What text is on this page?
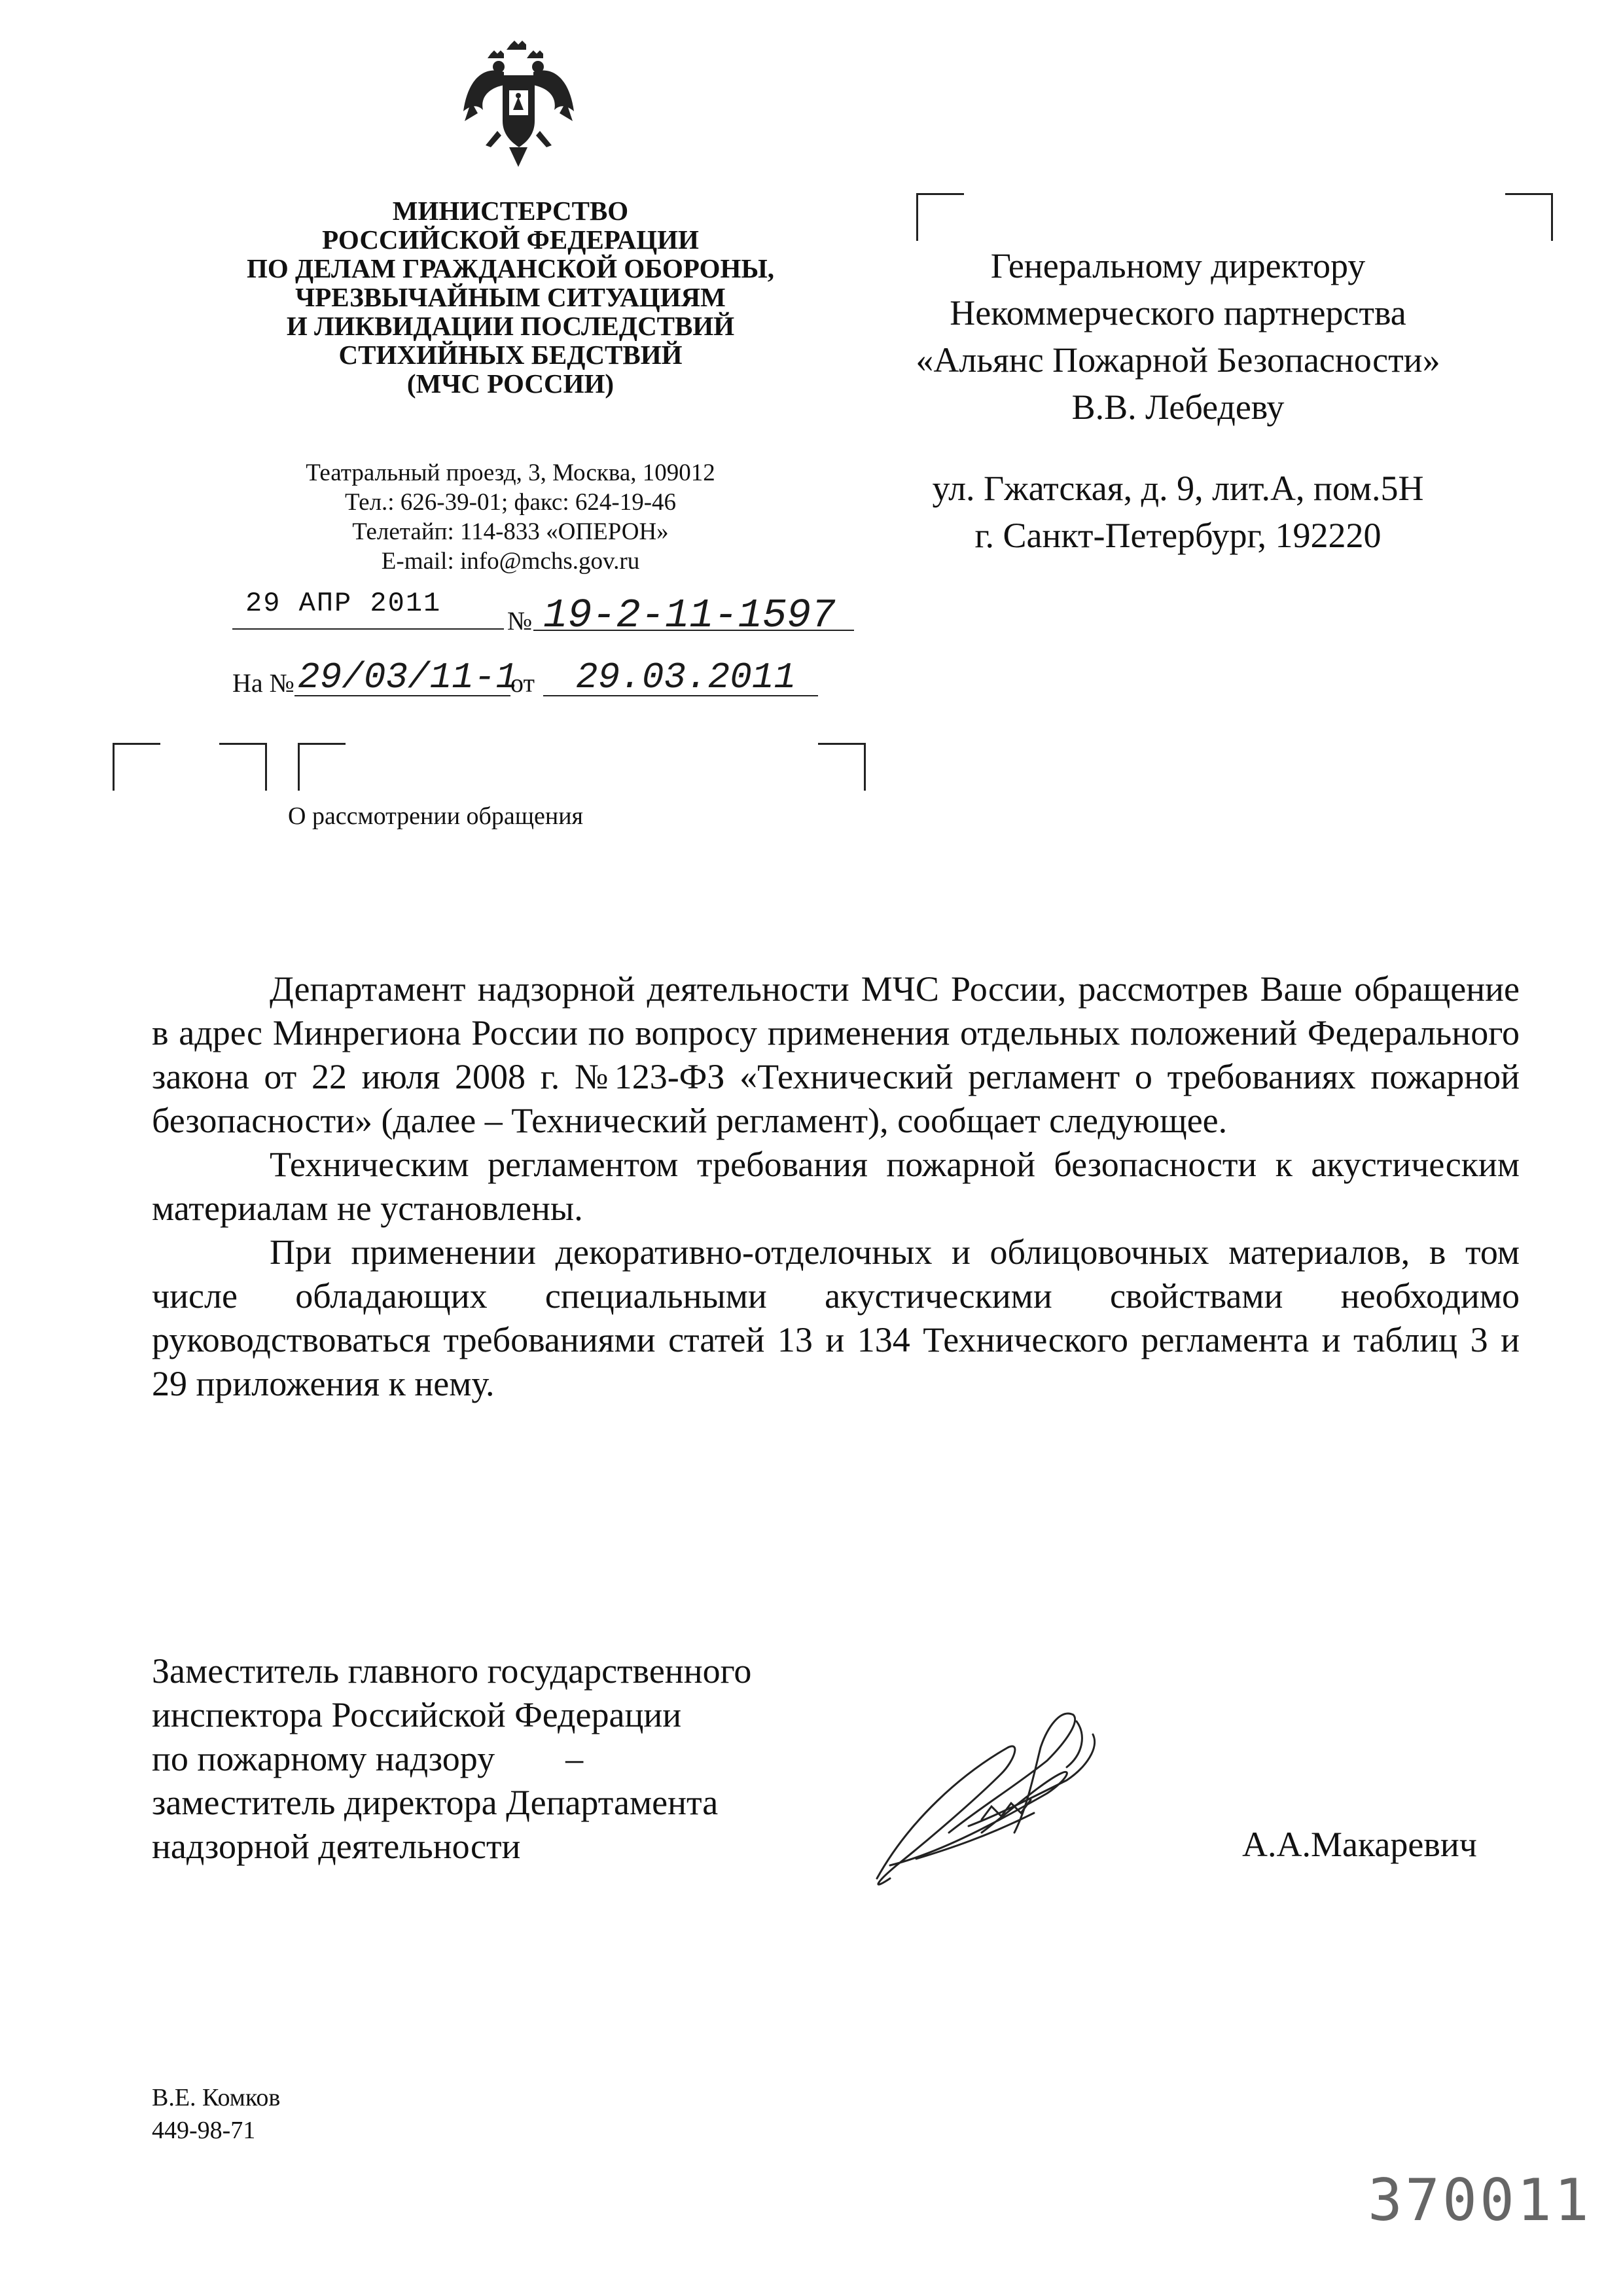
МИНИСТЕРСТВО
РОССИЙСКОЙ ФЕДЕРАЦИИ
ПО ДЕЛАМ ГРАЖДАНСКОЙ ОБОРОНЫ,
ЧРЕЗВЫЧАЙНЫМ СИТУАЦИЯМ
И ЛИКВИДАЦИИ ПОСЛЕДСТВИЙ
СТИХИЙНЫХ БЕДСТВИЙ
(МЧС РОССИИ)
Театральный проезд, 3, Москва, 109012
Тел.: 626-39-01; факс: 624-19-46
Телетайп: 114-833 «ОПЕРОН»
E-mail: info@mchs.gov.ru
29 АПР 2011
№ 19-2-11-1597
На № 29/03/11-1
от 29.03.2011
Генеральному директору
Некоммерческого партнерства
«Альянс Пожарной Безопасности»
В.В. Лебедеву
ул. Гжатская, д. 9, лит.А, пом.5Н
г. Санкт-Петербург, 192220
О рассмотрении обращения

Департамент надзорной деятельности МЧС России, рассмотрев Ваше обращение в адрес Минрегиона России по вопросу применения отдельных положений Федерального закона от 22 июля 2008 г. №123-ФЗ «Технический регламент о требованиях пожарной безопасности» (далее – Технический регламент), сообщает следующее.

Техническим регламентом требования пожарной безопасности к акустическим материалам не установлены.

При применении декоративно-отделочных и облицовочных материалов, в том числе обладающих специальными акустическими свойствами необходимо руководствоваться требованиями статей 13 и 134 Технического регламента и таблиц 3 и 29 приложения к нему.

Заместитель главного государственного
инспектора Российской Федерации
по пожарному надзору        –
заместитель директора Департамента
надзорной деятельности	А.А.Макаревич
В.Е. Комков
449-98-71
370011
